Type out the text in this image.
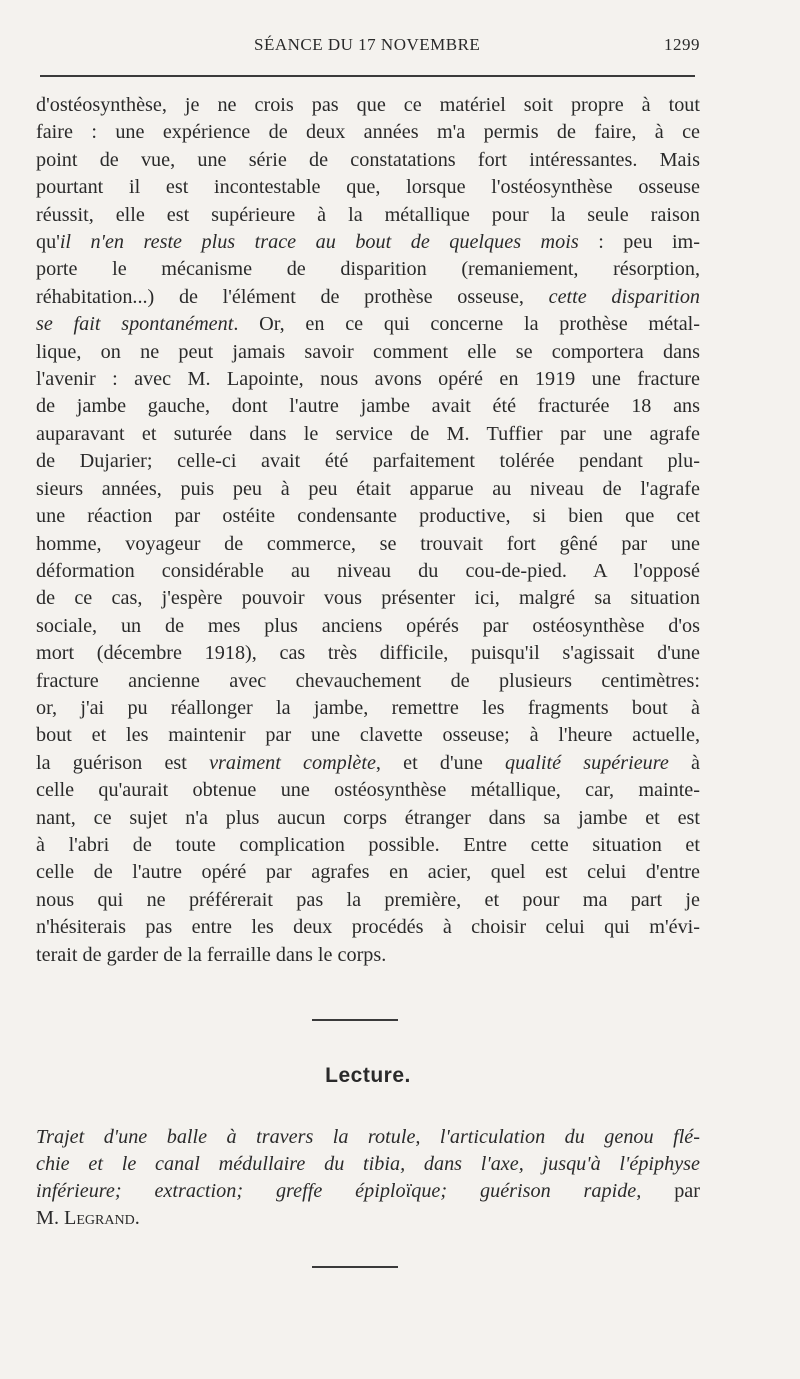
SÉANCE DU 17 NOVEMBRE	1299
d'ostéosynthèse, je ne crois pas que ce matériel soit propre à tout
faire : une expérience de deux années m'a permis de faire, à ce
point de vue, une série de constatations fort intéressantes. Mais
pourtant il est incontestable que, lorsque l'ostéosynthèse osseuse
réussit, elle est supérieure à la métallique pour la seule raison
qu'il n'en reste plus trace au bout de quelques mois : peu im-
porte le mécanisme de disparition (remaniement, résorption,
réhabitation...) de l'élément de prothèse osseuse, cette disparition
se fait spontanément. Or, en ce qui concerne la prothèse métal-
lique, on ne peut jamais savoir comment elle se comportera dans
l'avenir : avec M. Lapointe, nous avons opéré en 1919 une fracture
de jambe gauche, dont l'autre jambe avait été fracturée 18 ans
auparavant et suturée dans le service de M. Tuffier par une agrafe
de Dujarier; celle-ci avait été parfaitement tolérée pendant plu-
sieurs années, puis peu à peu était apparue au niveau de l'agrafe
une réaction par ostéite condensante productive, si bien que cet
homme, voyageur de commerce, se trouvait fort gêné par une
déformation considérable au niveau du cou-de-pied. A l'opposé
de ce cas, j'espère pouvoir vous présenter ici, malgré sa situation
sociale, un de mes plus anciens opérés par ostéosynthèse d'os
mort (décembre 1918), cas très difficile, puisqu'il s'agissait d'une
fracture ancienne avec chevauchement de plusieurs centimètres:
or, j'ai pu réallonger la jambe, remettre les fragments bout à
bout et les maintenir par une clavette osseuse; à l'heure actuelle,
la guérison est vraiment complète, et d'une qualité supérieure à
celle qu'aurait obtenue une ostéosynthèse métallique, car, mainte-
nant, ce sujet n'a plus aucun corps étranger dans sa jambe et est
à l'abri de toute complication possible. Entre cette situation et
celle de l'autre opéré par agrafes en acier, quel est celui d'entre
nous qui ne préférerait pas la première, et pour ma part je
n'hésiterais pas entre les deux procédés à choisir celui qui m'évi-
terait de garder de la ferraille dans le corps.
Lecture.
Trajet d'une balle à travers la rotule, l'articulation du genou flé-
chie et le canal médullaire du tibia, dans l'axe, jusqu'à l'épiphyse
inférieure; extraction; greffe épiploïque; guérison rapide, par
M. Legrand.
